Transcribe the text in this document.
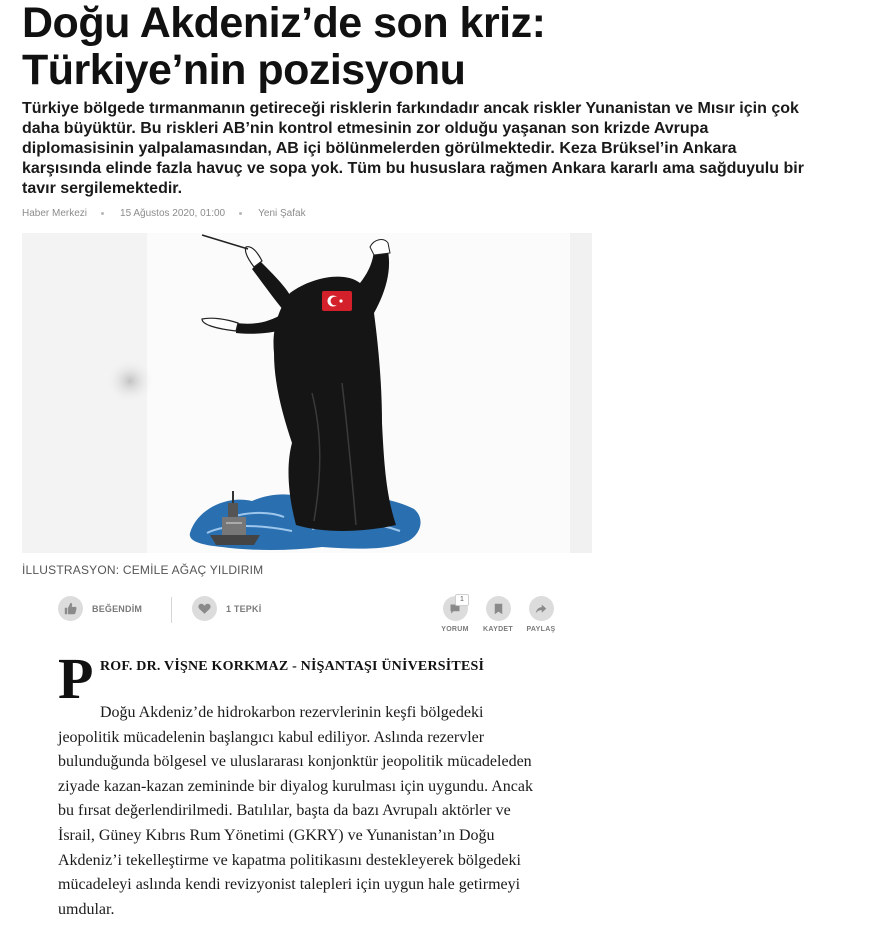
Doğu Akdeniz’de son kriz:
Türkiye’nin pozisyonu

Türkiye bölgede tırmanmanın getireceği risklerin farkındadır ancak riskler Yunanistan ve Mısır için çok daha büyüktür. Bu riskleri AB’nin kontrol etmesinin zor olduğu yaşanan son krizde Avrupa diplomasisinin yalpalamasından, AB içi bölünmelerden görülmektedir. Keza Brüksel’in Ankara karşısında elinde fazla havuç ve sopa yok. Tüm bu hususlara rağmen Ankara kararlı ama sağduyulu bir tavır sergilemektedir.

Haber Merkezi	15 Ağustos 2020, 01:00	Yeni Şafak
İLLUSTRASYON: CEMİLE AĞAÇ YILDIRIM
BEĞENDİM	1 TEPKİ
1
YORUM KAYDET PAYLAŞ
P ROF. DR. VİŞNE KORKMAZ - NİŞANTAŞI ÜNİVERSİTESİ

Doğu Akdeniz’de hidrokarbon rezervlerinin keşfi bölgedeki jeopolitik mücadelenin başlangıcı kabul ediliyor. Aslında rezervler bulunduğunda bölgesel ve uluslararası konjonktür jeopolitik mücadeleden ziyade kazan-kazan zemininde bir diyalog kurulması için uygundu. Ancak bu fırsat değerlendirilmedi. Batılılar, başta da bazı Avrupalı aktörler ve İsrail, Güney Kıbrıs Rum Yönetimi (GKRY) ve Yunanistan’ın Doğu Akdeniz’i tekelleştirme ve kapatma politikasını destekleyerek bölgedeki mücadeleyi aslında kendi revizyonist talepleri için uygun hale getirmeyi umdular.
